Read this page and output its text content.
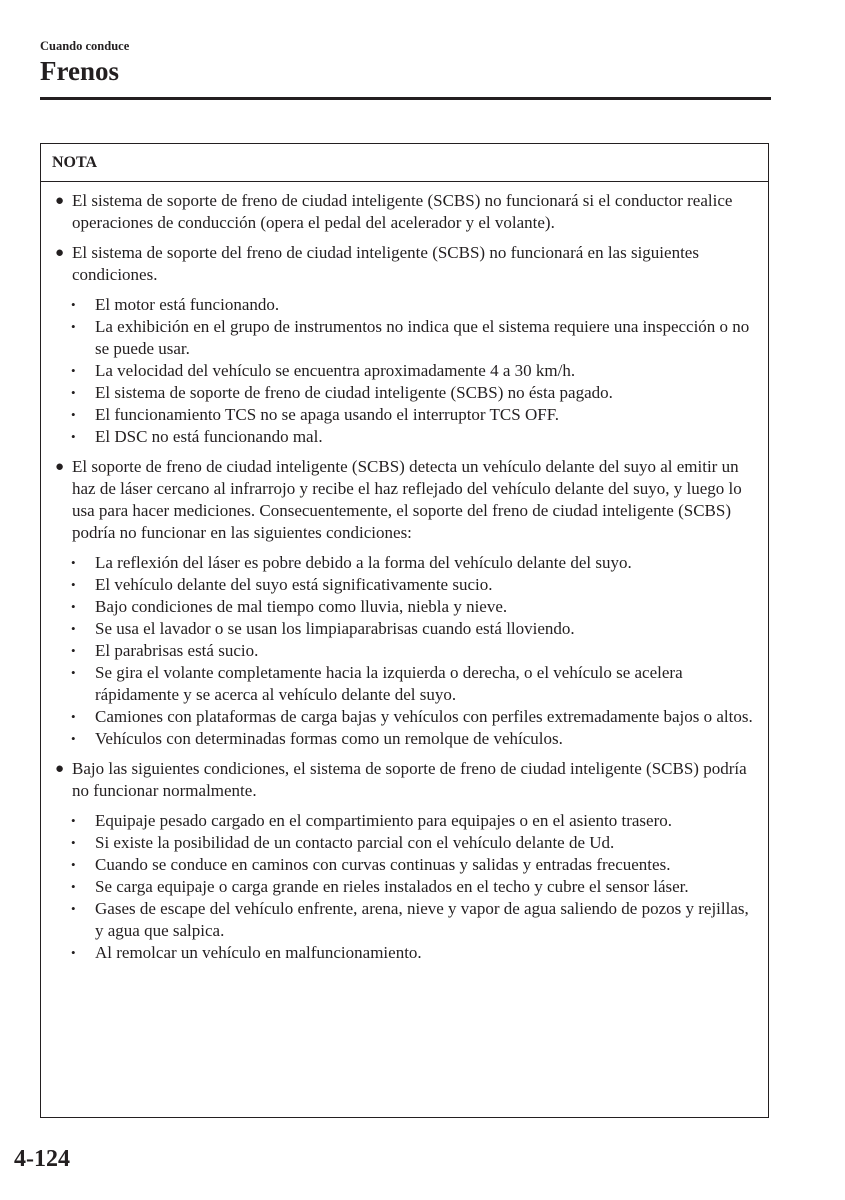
Cuando conduce
Frenos
NOTA
● El sistema de soporte de freno de ciudad inteligente (SCBS) no funcionará si el conductor realice operaciones de conducción (opera el pedal del acelerador y el volante).
● El sistema de soporte del freno de ciudad inteligente (SCBS) no funcionará en las siguientes condiciones.
•	El motor está funcionando.
•	La exhibición en el grupo de instrumentos no indica que el sistema requiere una inspección o no se puede usar.
•	La velocidad del vehículo se encuentra aproximadamente 4 a 30 km/h.
•	El sistema de soporte de freno de ciudad inteligente (SCBS) no ésta pagado.
•	El funcionamiento TCS no se apaga usando el interruptor TCS OFF.
•	El DSC no está funcionando mal.
● El soporte de freno de ciudad inteligente (SCBS) detecta un vehículo delante del suyo al emitir un haz de láser cercano al infrarrojo y recibe el haz reflejado del vehículo delante del suyo, y luego lo usa para hacer mediciones. Consecuentemente, el soporte del freno de ciudad inteligente (SCBS) podría no funcionar en las siguientes condiciones:
•	La reflexión del láser es pobre debido a la forma del vehículo delante del suyo.
•	El vehículo delante del suyo está significativamente sucio.
•	Bajo condiciones de mal tiempo como lluvia, niebla y nieve.
•	Se usa el lavador o se usan los limpiaparabrisas cuando está lloviendo.
•	El parabrisas está sucio.
•	Se gira el volante completamente hacia la izquierda o derecha, o el vehículo se acelera rápidamente y se acerca al vehículo delante del suyo.
•	Camiones con plataformas de carga bajas y vehículos con perfiles extremadamente bajos o altos.
•	Vehículos con determinadas formas como un remolque de vehículos.
● Bajo las siguientes condiciones, el sistema de soporte de freno de ciudad inteligente (SCBS) podría no funcionar normalmente.
•	Equipaje pesado cargado en el compartimiento para equipajes o en el asiento trasero.
•	Si existe la posibilidad de un contacto parcial con el vehículo delante de Ud.
•	Cuando se conduce en caminos con curvas continuas y salidas y entradas frecuentes.
•	Se carga equipaje o carga grande en rieles instalados en el techo y cubre el sensor láser.
•	Gases de escape del vehículo enfrente, arena, nieve y vapor de agua saliendo de pozos y rejillas, y agua que salpica.
•	Al remolcar un vehículo en malfuncionamiento.
4-124
